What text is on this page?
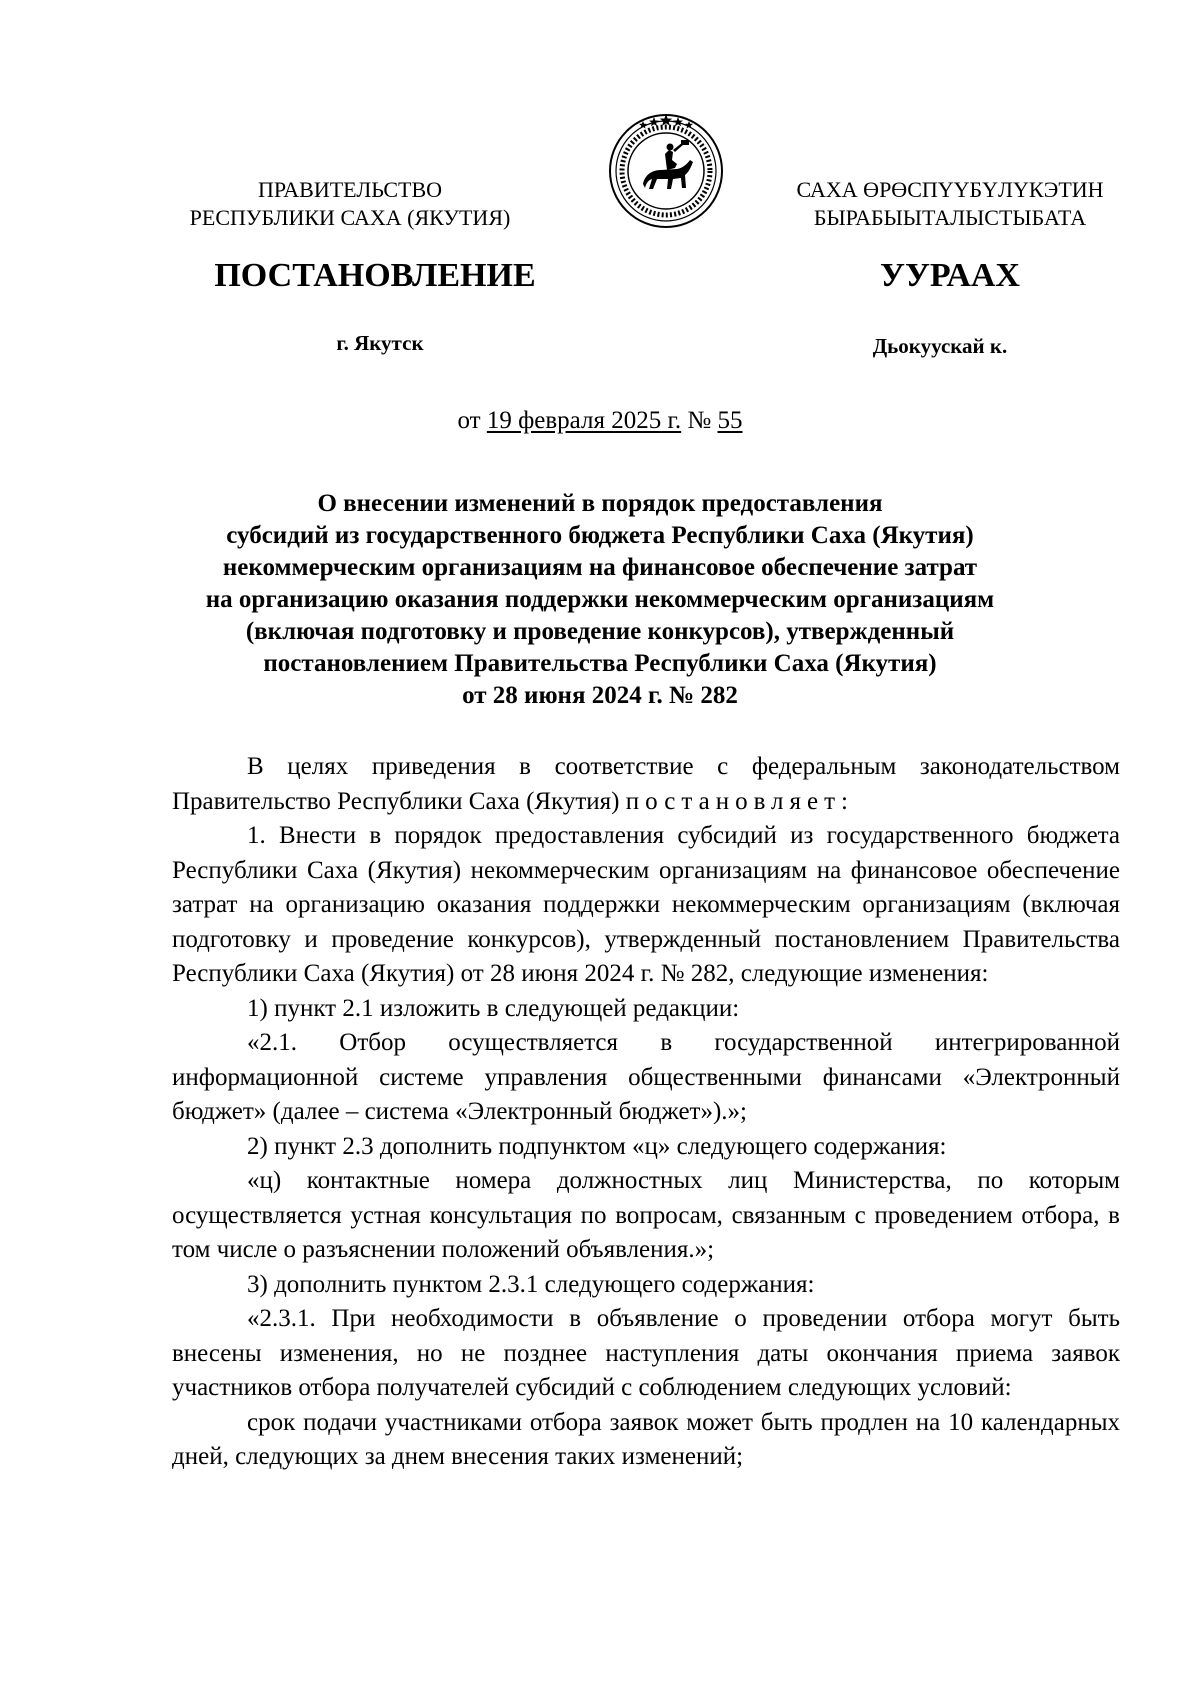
ПРАВИТЕЛЬСТВО
РЕСПУБЛИКИ САХА (ЯКУТИЯ)
САХА ӨРӨСПҮҮБҮЛҮКЭТИН
БЫРАБЫЫТАЛЫСТЫБАТА
ПОСТАНОВЛЕНИЕ	УУРААХ
г. Якутск	Дьокуускай к.
от 19 февраля 2025 г. № 55
О внесении изменений в порядок предоставления
субсидий из государственного бюджета Республики Саха (Якутия)
некоммерческим организациям на финансовое обеспечение затрат
на организацию оказания поддержки некоммерческим организациям
(включая подготовку и проведение конкурсов), утвержденный
постановлением Правительства Республики Саха (Якутия)
от 28 июня 2024 г. № 282

В целях приведения в соответствие с федеральным законодательством Правительство Республики Саха (Якутия) постановляет:

1. Внести в порядок предоставления субсидий из государственного бюджета Республики Саха (Якутия) некоммерческим организациям на финансовое обеспечение затрат на организацию оказания поддержки некоммерческим организациям (включая подготовку и проведение конкурсов), утвержденный постановлением Правительства Республики Саха (Якутия) от 28 июня 2024 г. № 282, следующие изменения:

1) пункт 2.1 изложить в следующей редакции:

«2.1. Отбор осуществляется в государственной интегрированной информационной системе управления общественными финансами «Электронный бюджет» (далее – система «Электронный бюджет»).»;

2) пункт 2.3 дополнить подпунктом «ц» следующего содержания:

«ц) контактные номера должностных лиц Министерства, по которым осуществляется устная консультация по вопросам, связанным с проведением отбора, в том числе о разъяснении положений объявления.»;

3) дополнить пунктом 2.3.1 следующего содержания:

«2.3.1. При необходимости в объявление о проведении отбора могут быть внесены изменения, но не позднее наступления даты окончания приема заявок участников отбора получателей субсидий с соблюдением следующих условий:

срок подачи участниками отбора заявок может быть продлен на 10 календарных дней, следующих за днем внесения таких изменений;
